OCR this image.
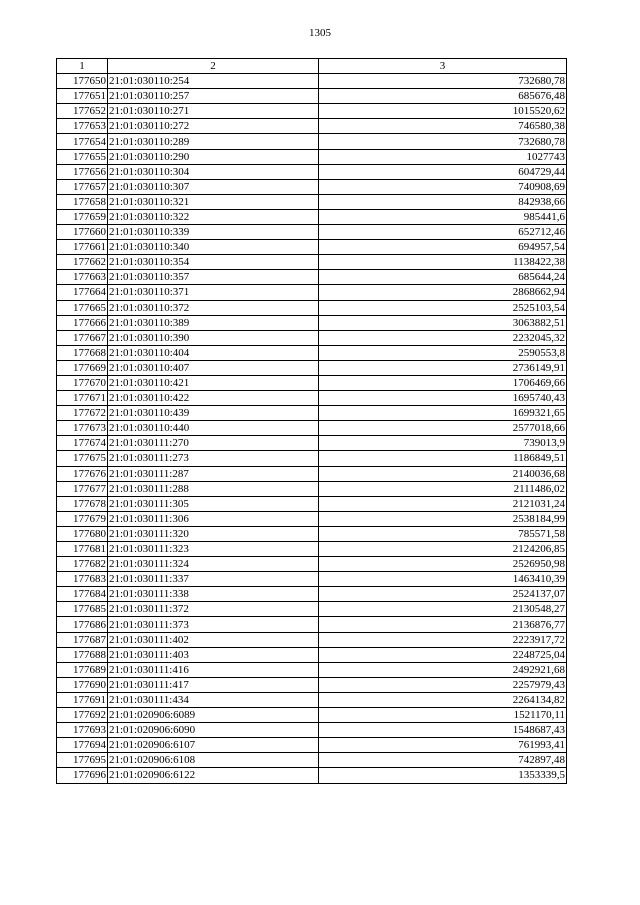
1305
1	2	3
177650	21:01:030110:254	732680,78
177651	21:01:030110:257	685676,48
177652	21:01:030110:271	1015520,62
177653	21:01:030110:272	746580,38
177654	21:01:030110:289	732680,78
177655	21:01:030110:290	1027743
177656	21:01:030110:304	604729,44
177657	21:01:030110:307	740908,69
177658	21:01:030110:321	842938,66
177659	21:01:030110:322	985441,6
177660	21:01:030110:339	652712,46
177661	21:01:030110:340	694957,54
177662	21:01:030110:354	1138422,38
177663	21:01:030110:357	685644,24
177664	21:01:030110:371	2868662,94
177665	21:01:030110:372	2525103,54
177666	21:01:030110:389	3063882,51
177667	21:01:030110:390	2232045,32
177668	21:01:030110:404	2590553,8
177669	21:01:030110:407	2736149,91
177670	21:01:030110:421	1706469,66
177671	21:01:030110:422	1695740,43
177672	21:01:030110:439	1699321,65
177673	21:01:030110:440	2577018,66
177674	21:01:030111:270	739013,9
177675	21:01:030111:273	1186849,51
177676	21:01:030111:287	2140036,68
177677	21:01:030111:288	2111486,02
177678	21:01:030111:305	2121031,24
177679	21:01:030111:306	2538184,99
177680	21:01:030111:320	785571,58
177681	21:01:030111:323	2124206,85
177682	21:01:030111:324	2526950,98
177683	21:01:030111:337	1463410,39
177684	21:01:030111:338	2524137,07
177685	21:01:030111:372	2130548,27
177686	21:01:030111:373	2136876,77
177687	21:01:030111:402	2223917,72
177688	21:01:030111:403	2248725,04
177689	21:01:030111:416	2492921,68
177690	21:01:030111:417	2257979,43
177691	21:01:030111:434	2264134,82
177692	21:01:020906:6089	1521170,11
177693	21:01:020906:6090	1548687,43
177694	21:01:020906:6107	761993,41
177695	21:01:020906:6108	742897,48
177696	21:01:020906:6122	1353339,5
